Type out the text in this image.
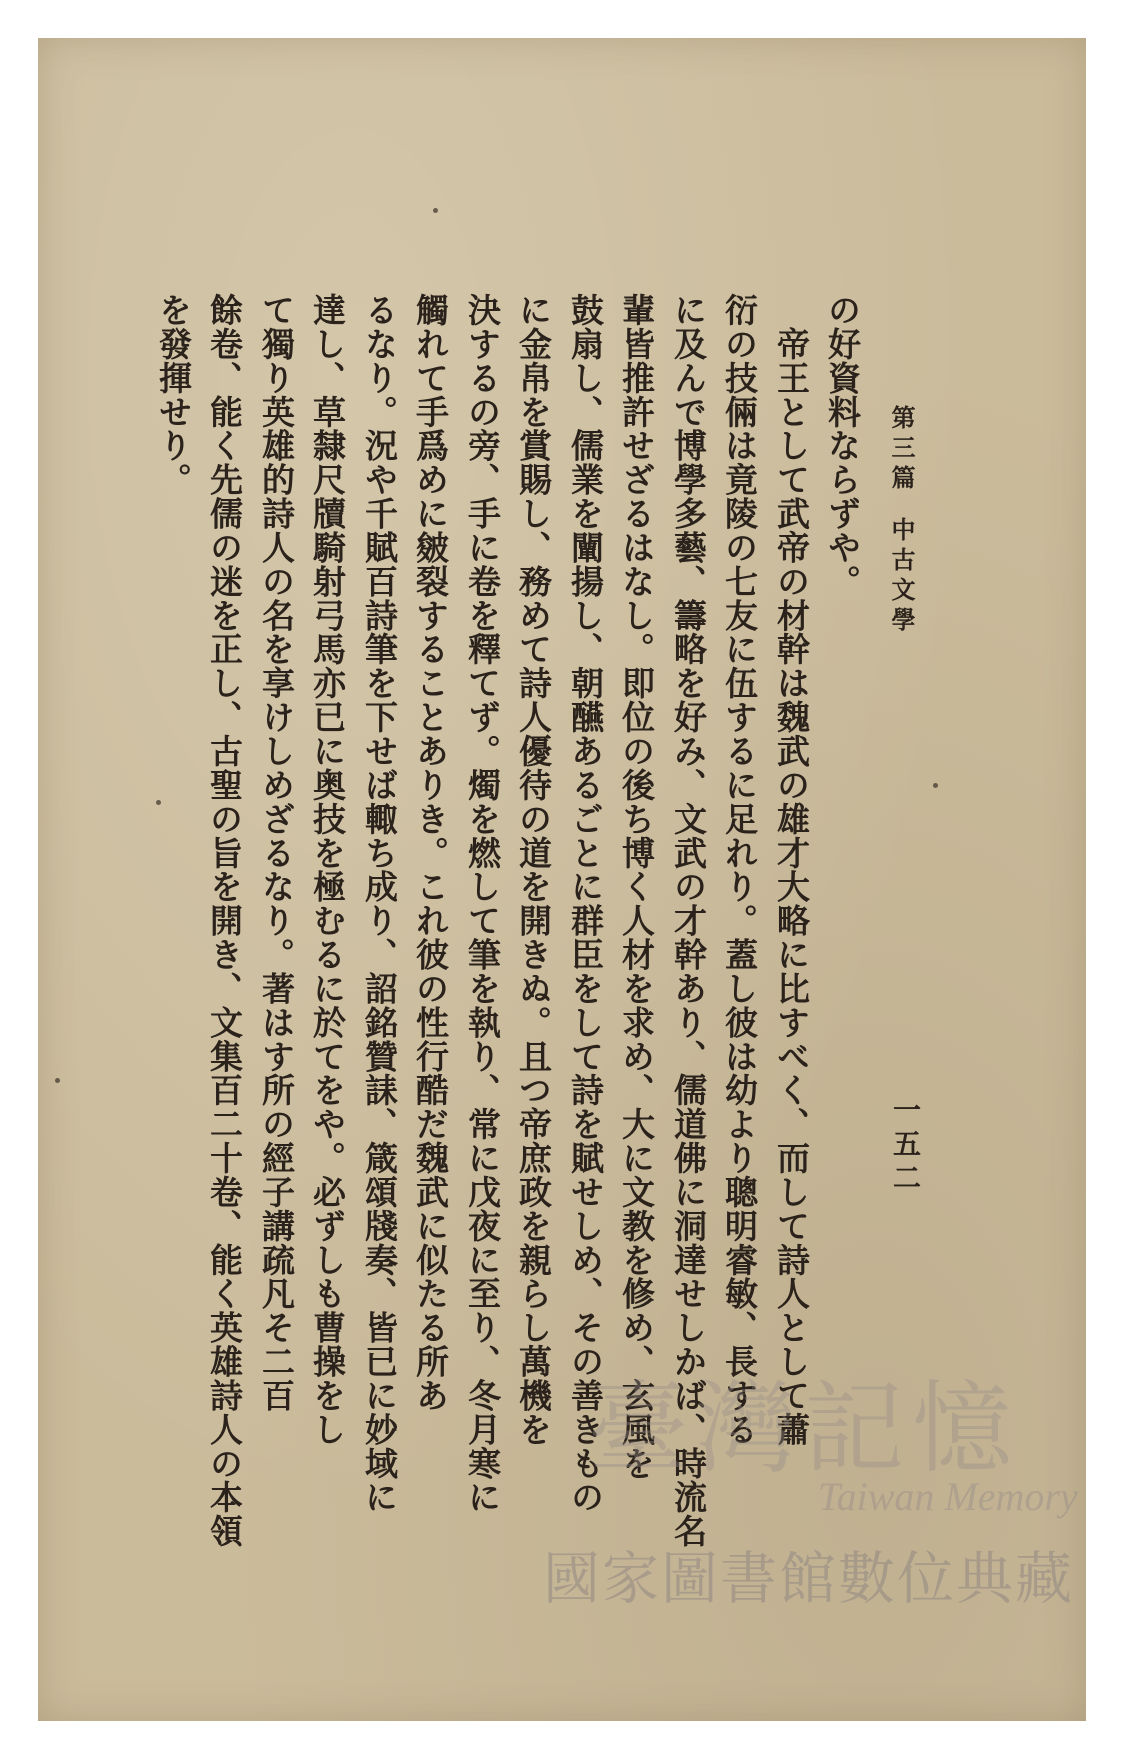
第三篇中古文學
一五二
の好資料ならずや。
　帝王として武帝の材幹は魏武の雄才大略に比すべく、而して詩人として蕭
衍の技倆は竟陵の七友に伍するに足れり。蓋し彼は幼より聰明睿敏、長する
に及んで博學多藝、籌略を好み、文武の才幹あり、儒道佛に洞達せしかば、時流名
輩皆推許せざるはなし。即位の後ち博く人材を求め、大に文教を修め、玄風を
鼓扇し、儒業を闡揚し、朝醼あるごとに群臣をして詩を賦せしめ、その善きもの
に金帛を賞賜し、務めて詩人優待の道を開きぬ。且つ帝庶政を親らし萬機を
決するの旁、手に卷を釋てず。燭を燃して筆を執り、常に戊夜に至り、冬月寒に
觸れて手爲めに皴裂することありき。これ彼の性行酷だ魏武に似たる所あ
るなり。況や千賦百詩筆を下せば輙ち成り、詔銘贊誄、箴頌牋奏、皆已に妙域に
達し、草隸尺牘騎射弓馬亦已に奥技を極むるに於てをや。必ずしも曹操をし
て獨り英雄的詩人の名を享けしめざるなり。著はす所の經子講疏凡そ二百
餘卷、能く先儒の迷を正し、古聖の旨を開き、文集百二十卷、能く英雄詩人の本領
を發揮せり。
臺灣記憶
Taiwan Memory
國家圖書館數位典藏
